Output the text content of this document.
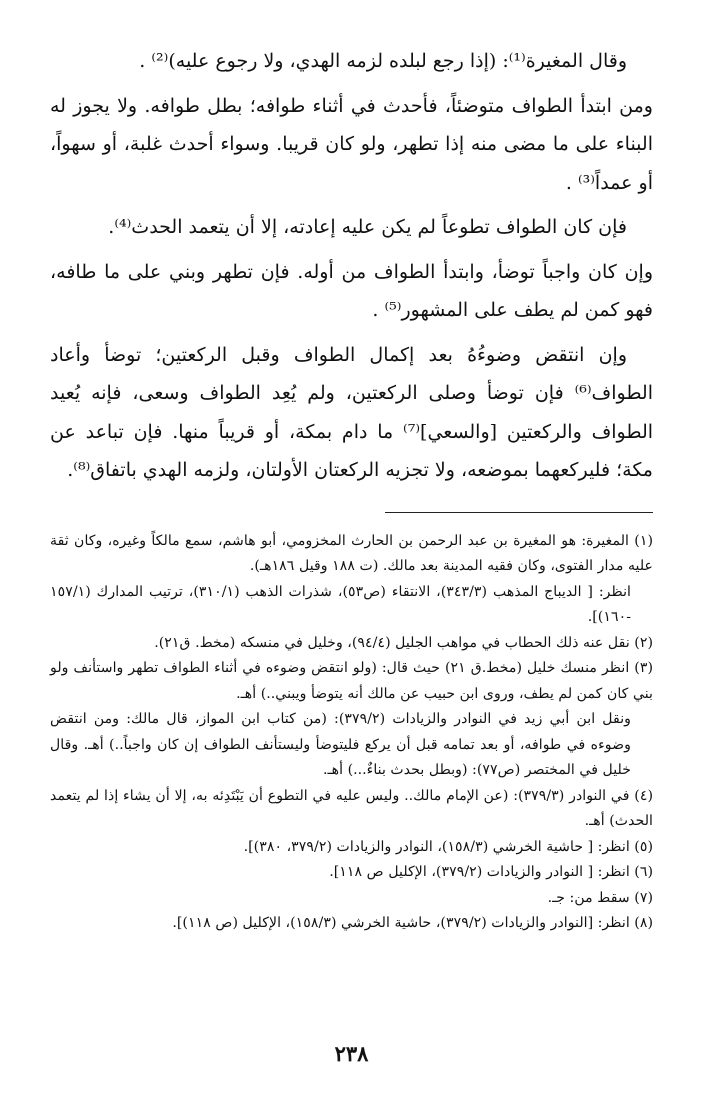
وقال المغيرة⁽¹⁾: (إذا رجع لبلده لزمه الهدي، ولا رجوع عليه)⁽²⁾ .

ومن ابتدأ الطواف متوضئاً، فأحدث في أثناء طوافه؛ بطل طوافه. ولا يجوز له البناء على ما مضى منه إذا تطهر، ولو كان قريبا. وسواء أحدث غلبة، أو سهواً، أو عمداً⁽³⁾ .

فإن كان الطواف تطوعاً لم يكن عليه إعادته، إلا أن يتعمد الحدث⁽⁴⁾.

وإن كان واجباً توضأ، وابتدأ الطواف من أوله. فإن تطهر وبني على ما طافه، فهو كمن لم يطف على المشهور⁽⁵⁾ .

وإن انتقض وضوءُهُ بعد إكمال الطواف وقبل الركعتين؛ توضأ وأعاد الطواف⁽⁶⁾ فإن توضأ وصلى الركعتين، ولم يُعِد الطواف وسعى، فإنه يُعيد الطواف والركعتين [والسعي]⁽⁷⁾ ما دام بمكة، أو قريباً منها. فإن تباعد عن مكة؛ فليركعهما بموضعه، ولا تجزيه الركعتان الأولتان، ولزمه الهدي باتفاق⁽⁸⁾.

(١) المغيرة: هو المغيرة بن عبد الرحمن بن الحارث المخزومي، أبو هاشم، سمع مالكاً وغيره، وكان ثقة عليه مدار الفتوى، وكان فقيه المدينة بعد مالك. (ت ١٨٨ وقيل ١٨٦هـ).

انظر: [ الديباج المذهب (٣٤٣/٣)، الانتقاء (ص٥٣)، شذرات الذهب (٣١٠/١)، ترتيب المدارك (١٥٧/١ -١٦٠)].

(٢) نقل عنه ذلك الحطاب في مواهب الجليل (٩٤/٤)، وخليل في منسكه (مخط. ق٢١).

(٣) انظر منسك خليل (مخط.ق ٢١) حيث قال: (ولو انتقض وضوءه في أثناء الطواف تطهر واستأنف ولو بني كان كمن لم يطف، وروى ابن حبيب عن مالك أنه يتوضأ ويبني..) أهـ.

ونقل ابن أبي زيد في النوادر والزيادات (٣٧٩/٢): (من كتاب ابن المواز، قال مالك: ومن انتقض وضوءه في طوافه، أو بعد تمامه قبل أن يركع فليتوضأ وليستأنف الطواف إن كان واجباً..) أهـ. وقال خليل في المختصر (ص٧٧): (وبطل بحدث بناءٌ...) أهـ.

(٤) في النوادر (٣٧٩/٣): (عن الإمام مالك.. وليس عليه في التطوع أن يَبْتَدِئه به، إلا أن يشاء إذا لم يتعمد الحدث) أهـ.

(٥) انظر: [ حاشية الخرشي (١٥٨/٣)، النوادر والزيادات (٣٧٩/٢، ٣٨٠)].

(٦) انظر: [ النوادر والزيادات (٣٧٩/٢)، الإكليل ص ١١٨].

(٧) سقط من: جـ.

(٨) انظر: [النوادر والزيادات (٣٧٩/٢)، حاشية الخرشي (١٥٨/٣)، الإكليل (ص ١١٨)].

٢٣٨
